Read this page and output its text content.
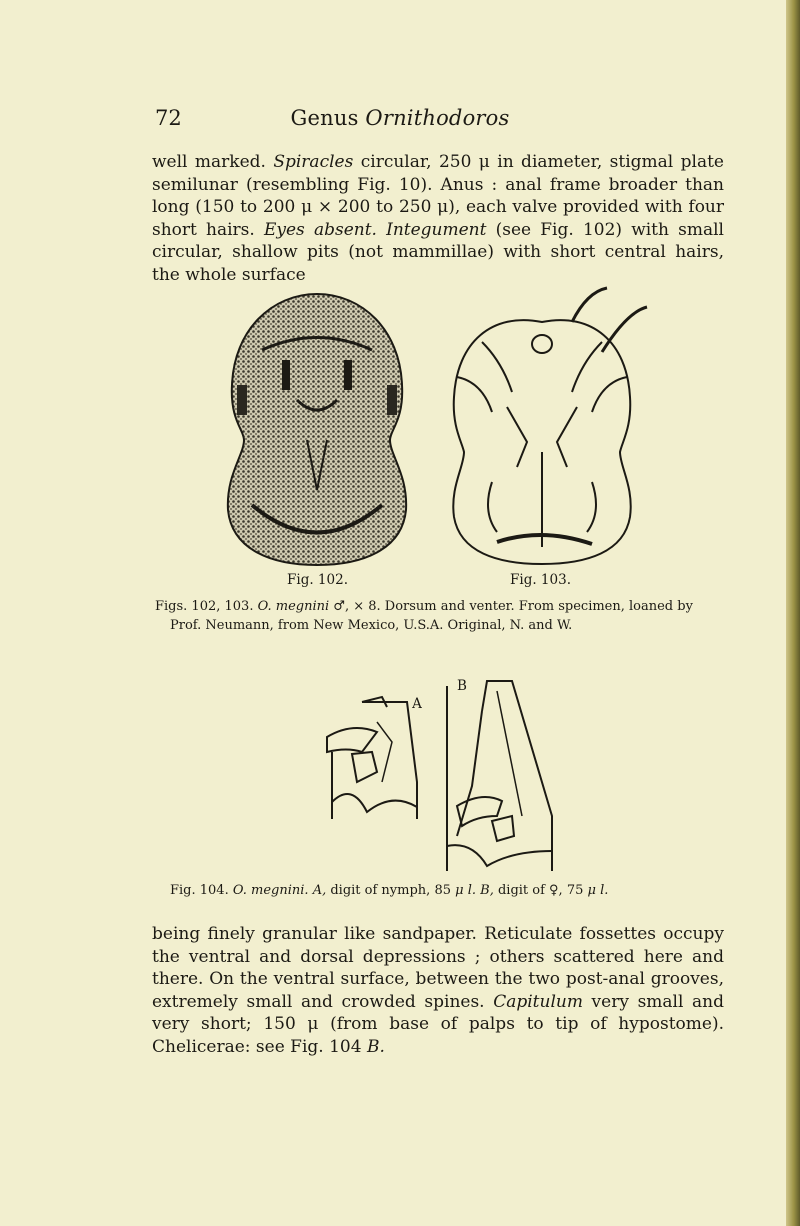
72	Genus Ornithodoros
well marked. Spiracles circular, 250 μ in diameter, stigmal plate semilunar (resembling Fig. 10). Anus : anal frame broader than long (150 to 200 μ × 200 to 250 μ), each valve provided with four short hairs. Eyes absent. Integument (see Fig. 102) with small circular, shallow pits (not mammillae) with short central hairs, the whole surface
Fig. 102.	Fig. 103.
Figs. 102, 103. O. megnini ♂, × 8. Dorsum and venter. From specimen, loaned by
Prof. Neumann, from New Mexico, U.S.A. Original, N. and W.
A
B
Fig. 104. O. megnini. A, digit of nymph, 85 μ l. B, digit of ♀, 75 μ l.
being finely granular like sandpaper. Reticulate fossettes occupy the ventral and dorsal depressions ; others scattered here and there. On the ventral surface, between the two post-anal grooves, extremely small and crowded spines. Capitulum very small and very short; 150 μ (from base of palps to tip of hypostome). Chelicerae: see Fig. 104 B.
